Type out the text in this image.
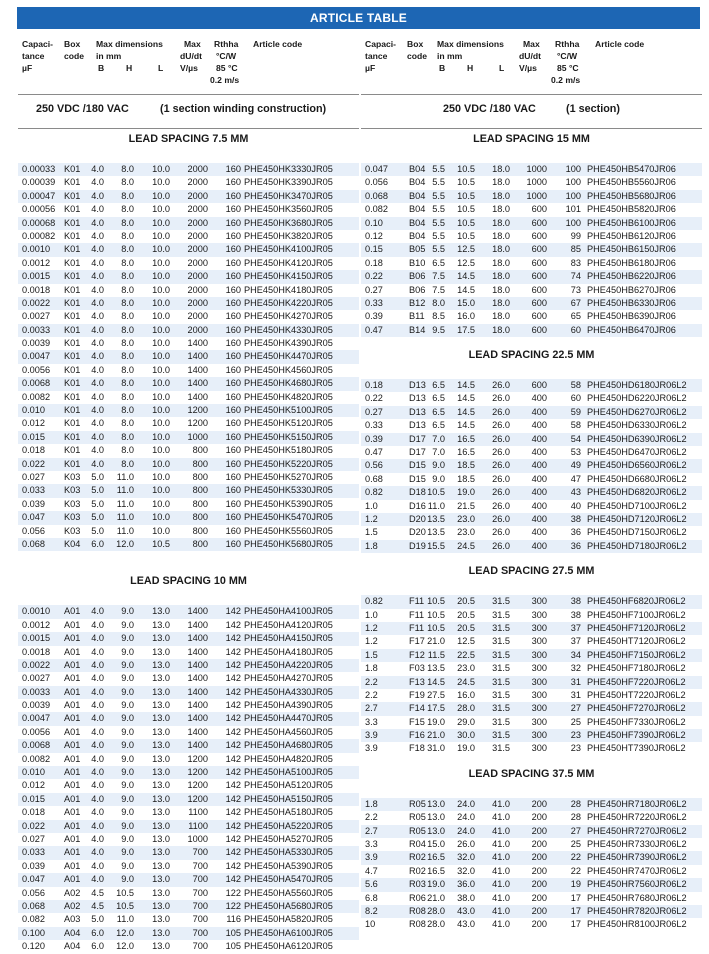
ARTICLE TABLE
Capaci-
tance
µF
Box
code
Max dimensions
in mm
B	H	L
Max
dU/dt
V/µs
Rthha
°C/W
85 °C
0.2 m/s
Article code

250 VDC /180 VAC

	(1 section winding construction)

LEAD SPACING 7.5 MM
0.00033 K01	4.0	8.0	10.0	2000	160 PHE450HK3330JR05
0.00039 K01	4.0	8.0	10.0	2000	160 PHE450HK3390JR05
0.00047 K01	4.0	8.0	10.0	2000	160 PHE450HK3470JR05
0.00056 K01	4.0	8.0	10.0	2000	160 PHE450HK3560JR05
0.00068 K01	4.0	8.0	10.0	2000	160 PHE450HK3680JR05
0.00082 K01	4.0	8.0	10.0	2000	160 PHE450HK3820JR05
0.0010 K01	4.0	8.0	10.0	2000	160 PHE450HK4100JR05
0.0012 K01	4.0	8.0	10.0	2000	160 PHE450HK4120JR05
0.0015 K01	4.0	8.0	10.0	2000	160 PHE450HK4150JR05
0.0018 K01	4.0	8.0	10.0	2000	160 PHE450HK4180JR05
0.0022 K01	4.0	8.0	10.0	2000	160 PHE450HK4220JR05
0.0027 K01	4.0	8.0	10.0	2000	160 PHE450HK4270JR05
0.0033 K01	4.0	8.0	10.0	2000	160 PHE450HK4330JR05
0.0039 K01	4.0	8.0	10.0	1400	160 PHE450HK4390JR05
0.0047 K01	4.0	8.0	10.0	1400	160 PHE450HK4470JR05
0.0056 K01	4.0	8.0	10.0	1400	160 PHE450HK4560JR05
0.0068 K01	4.0	8.0	10.0	1400	160 PHE450HK4680JR05
0.0082 K01	4.0	8.0	10.0	1400	160 PHE450HK4820JR05
0.010 K01	4.0	8.0	10.0	1200	160 PHE450HK5100JR05
0.012 K01	4.0	8.0	10.0	1200	160 PHE450HK5120JR05
0.015 K01	4.0	8.0	10.0	1000	160 PHE450HK5150JR05
0.018 K01	4.0	8.0	10.0	800	160 PHE450HK5180JR05
0.022 K01	4.0	8.0	10.0	800	160 PHE450HK5220JR05
0.027 K03	5.0	11.0	10.0	800	160 PHE450HK5270JR05
0.033 K03	5.0	11.0	10.0	800	160 PHE450HK5330JR05
0.039 K03	5.0	11.0	10.0	800	160 PHE450HK5390JR05
0.047 K03	5.0	11.0	10.0	800	160 PHE450HK5470JR05
0.056 K03	5.0	11.0	10.0	800	160 PHE450HK5560JR05
0.068 K04	6.0	12.0	10.5	800	160 PHE450HK5680JR05
LEAD SPACING 10 MM
0.0010 A01	4.0	9.0	13.0	1400	142 PHE450HA4100JR05
0.0012 A01	4.0	9.0	13.0	1400	142 PHE450HA4120JR05
0.0015 A01	4.0	9.0	13.0	1400	142 PHE450HA4150JR05
0.0018 A01	4.0	9.0	13.0	1400	142 PHE450HA4180JR05
0.0022 A01	4.0	9.0	13.0	1400	142 PHE450HA4220JR05
0.0027 A01	4.0	9.0	13.0	1400	142 PHE450HA4270JR05
0.0033 A01	4.0	9.0	13.0	1400	142 PHE450HA4330JR05
0.0039 A01	4.0	9.0	13.0	1400	142 PHE450HA4390JR05
0.0047 A01	4.0	9.0	13.0	1400	142 PHE450HA4470JR05
0.0056 A01	4.0	9.0	13.0	1400	142 PHE450HA4560JR05
0.0068 A01	4.0	9.0	13.0	1400	142 PHE450HA4680JR05
0.0082 A01	4.0	9.0	13.0	1200	142 PHE450HA4820JR05
0.010 A01	4.0	9.0	13.0	1200	142 PHE450HA5100JR05
0.012 A01	4.0	9.0	13.0	1200	142 PHE450HA5120JR05
0.015 A01	4.0	9.0	13.0	1200	142 PHE450HA5150JR05
0.018 A01	4.0	9.0	13.0	1100	142 PHE450HA5180JR05
0.022 A01	4.0	9.0	13.0	1100	142 PHE450HA5220JR05
0.027 A01	4.0	9.0	13.0	1000	142 PHE450HA5270JR05
0.033 A01	4.0	9.0	13.0	700	142 PHE450HA5330JR05
0.039 A01	4.0	9.0	13.0	700	142 PHE450HA5390JR05
0.047 A01	4.0	9.0	13.0	700	142 PHE450HA5470JR05
0.056 A02	4.5	10.5	13.0	700	122 PHE450HA5560JR05
0.068 A02	4.5	10.5	13.0	700	122 PHE450HA5680JR05
0.082 A03	5.0	11.0	13.0	700	116 PHE450HA5820JR05
0.100 A04	6.0	12.0	13.0	700	105 PHE450HA6100JR05
0.120 A04	6.0	12.0	13.0	700	105 PHE450HA6120JR05
Capaci-
tance
µF
Box
code
Max dimensions
in mm
B	H	L
Max
dU/dt
V/µs
Rthha
°C/W
85 °C
0.2 m/s
Article code

250 VDC /180 VAC

	(1 section)

LEAD SPACING 15 MM
0.047 B04 5.5	10.5	18.0	1000	100 PHE450HB5470JR06
0.056 B04 5.5	10.5	18.0	1000	100 PHE450HB5560JR06
0.068 B04 5.5	10.5	18.0	1000	100 PHE450HB5680JR06
0.082 B04 5.5	10.5	18.0	600	101 PHE450HB5820JR06
0.10	B04 5.5	10.5	18.0	600	100 PHE450HB6100JR06
0.12	B04 5.5	10.5	18.0	600	99 PHE450HB6120JR06
0.15	B05 5.5	12.5	18.0	600	85 PHE450HB6150JR06
0.18	B10 6.5	12.5	18.0	600	83 PHE450HB6180JR06
0.22	B06 7.5	14.5	18.0	600	74 PHE450HB6220JR06
0.27	B06 7.5	14.5	18.0	600	73 PHE450HB6270JR06
0.33	B12 8.0	15.0	18.0	600	67 PHE450HB6330JR06
0.39	B11 8.5	16.0	18.0	600	65 PHE450HB6390JR06
0.47	B14 9.5	17.5	18.0	600	60 PHE450HB6470JR06
LEAD SPACING 22.5 MM
0.18	D13 6.5	14.5	26.0	600	58 PHE450HD6180JR06L2
0.22	D13 6.5	14.5	26.0	400	60 PHE450HD6220JR06L2
0.27	D13 6.5	14.5	26.0	400	59 PHE450HD6270JR06L2
0.33	D13 6.5	14.5	26.0	400	58 PHE450HD6330JR06L2
0.39	D17 7.0	16.5	26.0	400	54 PHE450HD6390JR06L2
0.47	D17 7.0	16.5	26.0	400	53 PHE450HD6470JR06L2
0.56	D15 9.0	18.5	26.0	400	49 PHE450HD6560JR06L2
0.68	D15 9.0	18.5	26.0	400	47 PHE450HD6680JR06L2
0.82	D18 10.5	19.0	26.0	400	43 PHE450HD6820JR06L2
1.0	D16 11.0	21.5	26.0	400	40 PHE450HD7100JR06L2
1.2	D20 13.5	23.0	26.0	400	38 PHE450HD7120JR06L2
1.5	D20 13.5	23.0	26.0	400	36 PHE450HD7150JR06L2
1.8	D19 15.5	24.5	26.0	400	36 PHE450HD7180JR06L2
LEAD SPACING 27.5 MM
0.82	F11 10.5	20.5	31.5	300	38 PHE450HF6820JR06L2
1.0	F11 10.5	20.5	31.5	300	38 PHE450HF7100JR06L2
1.2	F11 10.5	20.5	31.5	300	37 PHE450HF7120JR06L2
1.2	F17 21.0	12.5	31.5	300	37 PHE450HT7120JR06L2
1.5	F12 11.5	22.5	31.5	300	34 PHE450HF7150JR06L2
1.8	F03 13.5	23.0	31.5	300	32 PHE450HF7180JR06L2
2.2	F13 14.5	24.5	31.5	300	31 PHE450HF7220JR06L2
2.2	F19 27.5	16.0	31.5	300	31 PHE450HT7220JR06L2
2.7	F14 17.5	28.0	31.5	300	27 PHE450HF7270JR06L2
3.3	F15 19.0	29.0	31.5	300	25 PHE450HF7330JR06L2
3.9	F16 21.0	30.0	31.5	300	23 PHE450HF7390JR06L2
3.9	F18 31.0	19.0	31.5	300	23 PHE450HT7390JR06L2
LEAD SPACING 37.5 MM
1.8	R05 13.0	24.0	41.0	200	28 PHE450HR7180JR06L2
2.2	R05 13.0	24.0	41.0	200	28 PHE450HR7220JR06L2
2.7	R05 13.0	24.0	41.0	200	27 PHE450HR7270JR06L2
3.3	R04 15.0	26.0	41.0	200	25 PHE450HR7330JR06L2
3.9	R02 16.5	32.0	41.0	200	22 PHE450HR7390JR06L2
4.7	R02 16.5	32.0	41.0	200	22 PHE450HR7470JR06L2
5.6	R03 19.0	36.0	41.0	200	19 PHE450HR7560JR06L2
6.8	R06 21.0	38.0	41.0	200	17 PHE450HR7680JR06L2
8.2	R08 28.0	43.0	41.0	200	17 PHE450HR7820JR06L2
10	R08 28.0	43.0	41.0	200	17 PHE450HR8100JR06L2
